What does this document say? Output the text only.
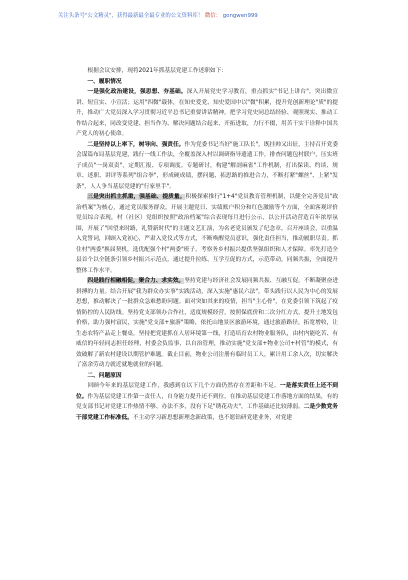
关注头条号"公文精灵"，获得最新最全最专业的公文资料库！ 微信： gongwen999

根据会议安排，现将2021年抓基层党建工作述职如下：

一、履职情况

一是强化政治建设，强思想、夯基础。深入开展党史学习教育，重点抓实"书记上讲台"，突出微宣讲、短宣实、小宣活；运用"四微"载体，在知史爱党、知史爱国中以"微"积累，提升党创新理论"质"的提升，推动广大党员深入学习贯彻习近平总书记重要讲话精神，把学习党史同总结经验、观照现实、推动工作结合起来，同改变党建、担当作为、解决问题结合起来，开拓进取，力行不辍，用苦干实干诠释中国共产党人的初心使命。

二是坚持以上率下，树导向、强责任。作为党委书记当好"施工队长"，既挂帅又出征，主持召开党委会谋篇布局基层党建，践行一线工作法，全覆盖深入村以调研指导遗遗工作，排查问题包村联户，压实班子成员"一岗双责"，定期汇报、专项调度。专题研讨，构建"解剖麻雀"工作机制，打出保读、约谈、规章、述职、讲评等系列"组合拳"，形成硬成绩，摆问题、拓思路的推进合力，不断打紧"螺丝"、上紧"发条"，人人争当基层党建的"行家里手"。

三是突出抓主抓重，强基础、提质量。积极探索推行"1+4"党员教育管理机制，以健全完善党员"政治档案"为核心，通过党员服务群众，开展主题党日、实绩账户积分和红色激励等个方面，全面客观评价党员综合表现，村（社区）党组织按照"政治档案"综合表现每月进行公示，以公开活动营造百年浓厚氛围，开展了"回望来时路，礼赞新时代"的主题文艺汇演，为名老党员颁发了纪念章，召开座谈会，以重温入党誓词，回顾入党初心，严肃入党仪式等方式，不断唤醒党员意识，强化责任担当，推动履职尽责。抓住村"两委"换届契机，选优配强个村"两委"班子，考察务乡村振兴提供坚强组织和人才保障。率先打造全县首个以全链条引领乡村振兴示范点，通过提升拉练、互学互促的方式，示范带动，同频共振，全面提升整体工作水平。

四是践行相融相促，聚合力、求实效。坚持党建与经济社会发展同频共振、互融互促，不断凝聚奋进拼搏的力量。结合开展"我为群众办实事"实践活动，深入实施"惠民六法"，带头践行以人民为中心的发展思想，推动解决了一批群众急难愁盼问题。面对突如其来的疫情，担当"主心骨"，在党委引领下筑起了疫情防控的人民防线。坚持党支部领办合作社，适度规模经营，按照保底价和二次分红方式，提升土地发包价格，助力强村富民，实施"党支部+旅游"策略，依托山地景区旅游环境，通过旅游路径，拓宽增收，让生态农特产品走上餐桌。坚持把党建抓在人居环境第一线，打造培育农村物业服务队，由村内能吃苦、有威信的年轻同志担任经理，村委会负监事，以自治管理，推动实施"党支部+物业公司+村管"的模式，有效破解了新农村建设以期管护难题。截止目前，物业公司注册有临时员工人，累计用工余人次，切实解决了富余劳动力就近就地就业的问题。

二、问题原因

回顾今年来的基层党建工作，我感到在以下几个方面仍然存在差距和不足。一是落实责任上还不到位。作为基层党建工作第一责任人，自身能力提升还不到位，在推动基层党建工作落地方面的结果，有的党支部书记对党建工作热情不够、办法不多，没有下足"绣花功夫"，工作基础还比较薄弱。二是少数党务干部党建工作标准低。不主动学习新思想新理念新政策，也不愿钻研党建业务，对党建
